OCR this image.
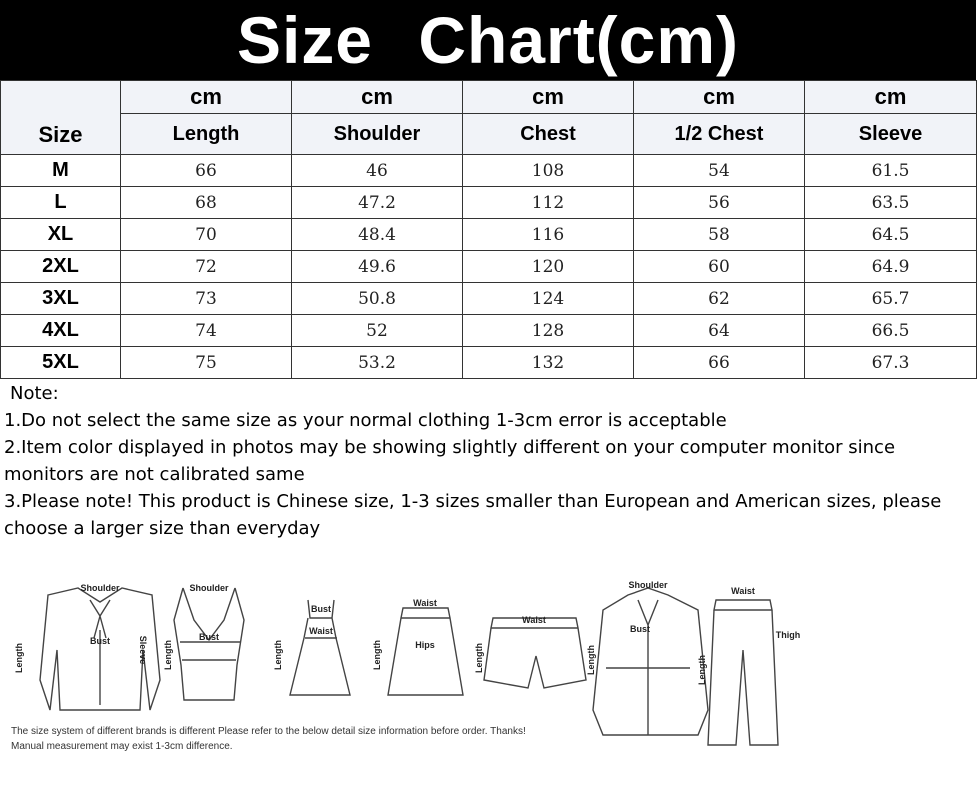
Size Chart(cm)
Size	cm	cm	cm	cm	cm
	Length	Shoulder	Chest	1/2 Chest	Sleeve
M	66	46	108	54	61.5
L	68	47.2	112	56	63.5
XL	70	48.4	116	58	64.5
2XL	72	49.6	120	60	64.9
3XL	73	50.8	124	62	65.7
4XL	74	52	128	64	66.5
5XL	75	53.2	132	66	67.3
Note:
1.Do not select the same size as your normal clothing 1-3cm error is acceptable
2.Item color displayed in photos may be showing slightly different on your computer monitor since monitors are not calibrated same
3.Please note! This product is Chinese size, 1-3 sizes smaller than European and American sizes, please choose a larger size than everyday
Shoulder
Bust
Shoulder
Bust
Bust
Waist
Waist
Hips
Waist
Shoulder
Bust
Waist
Thigh
Length	Sleeve Length	Length	Length	Length	Length	Length
The size system of different brands is different Please refer to the below detail size information before order. Thanks!
Manual measurement may exist 1-3cm difference.
